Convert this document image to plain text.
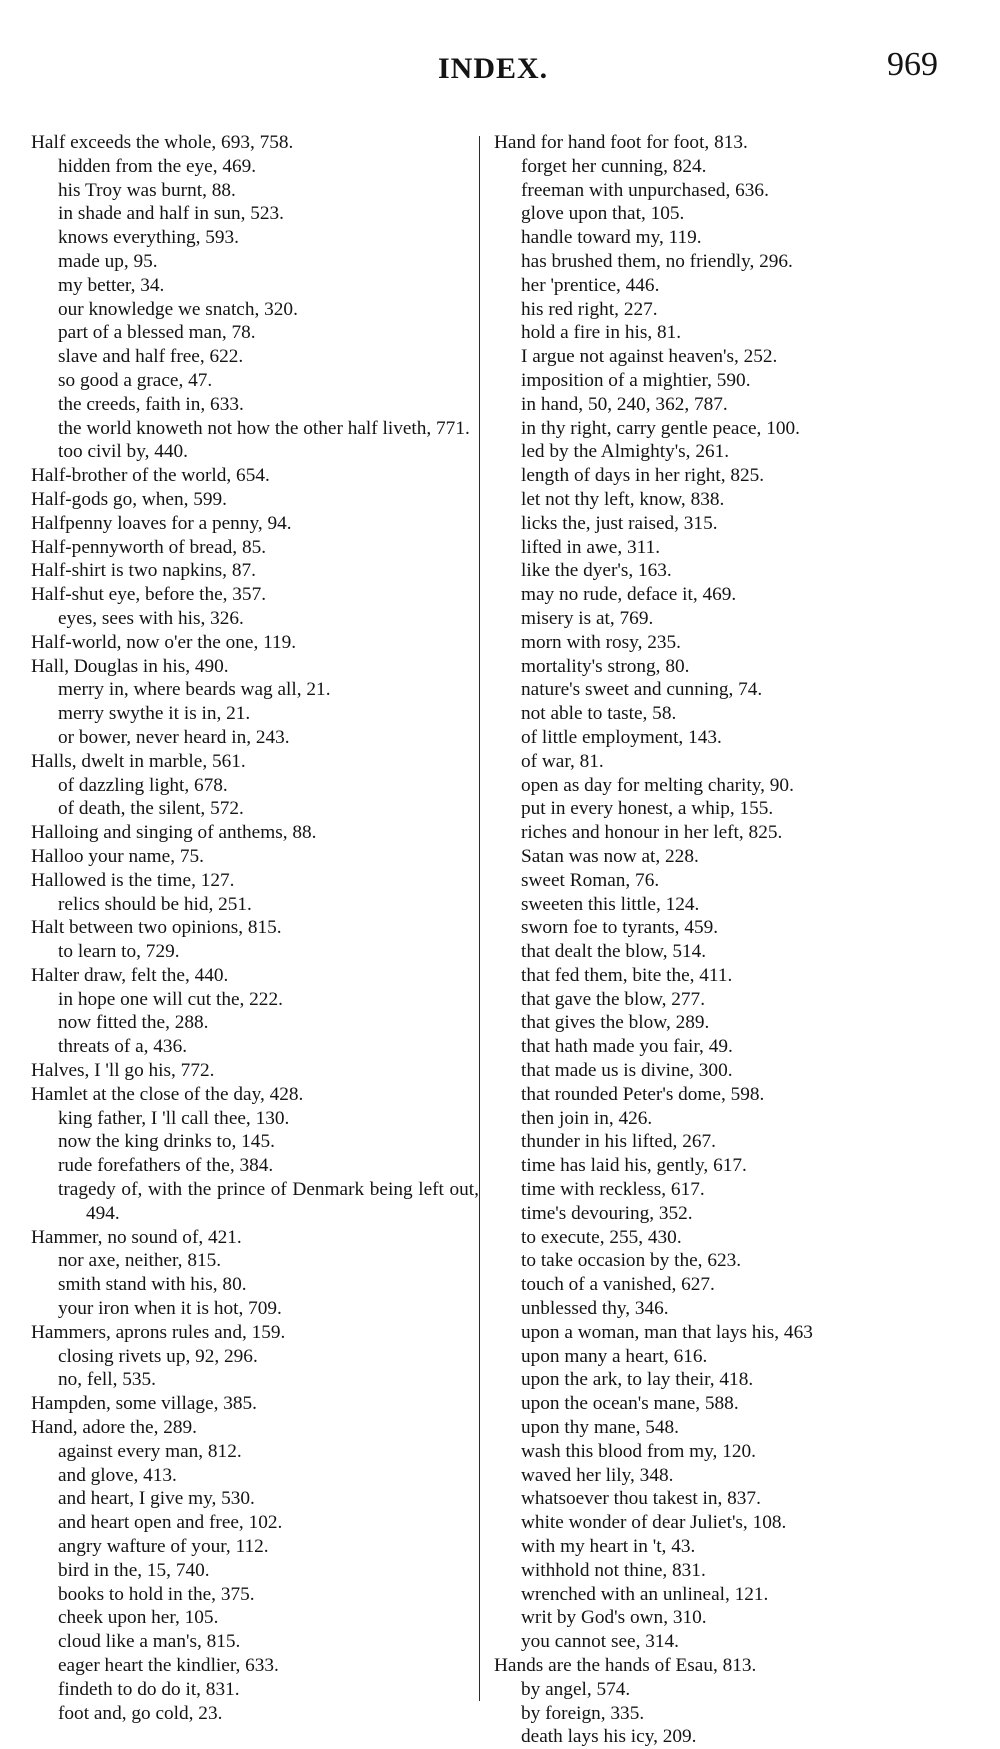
INDEX.	969
Half exceeds the whole, 693, 758.
hidden from the eye, 469.
his Troy was burnt, 88.
in shade and half in sun, 523.
knows everything, 593.
made up, 95.
my better, 34.
our knowledge we snatch, 320.
part of a blessed man, 78.
slave and half free, 622.
so good a grace, 47.
the creeds, faith in, 633.
the world knoweth not how the other half liveth, 771.
too civil by, 440.
Half-brother of the world, 654.
Half-gods go, when, 599.
Halfpenny loaves for a penny, 94.
Half-pennyworth of bread, 85.
Half-shirt is two napkins, 87.
Half-shut eye, before the, 357.
eyes, sees with his, 326.
Half-world, now o'er the one, 119.
Hall, Douglas in his, 490.
merry in, where beards wag all, 21.
merry swythe it is in, 21.
or bower, never heard in, 243.
Halls, dwelt in marble, 561.
of dazzling light, 678.
of death, the silent, 572.
Halloing and singing of anthems, 88.
Halloo your name, 75.
Hallowed is the time, 127.
relics should be hid, 251.
Halt between two opinions, 815.
to learn to, 729.
Halter draw, felt the, 440.
in hope one will cut the, 222.
now fitted the, 288.
threats of a, 436.
Halves, I 'll go his, 772.
Hamlet at the close of the day, 428.
king father, I 'll call thee, 130.
now the king drinks to, 145.
rude forefathers of the, 384.
tragedy of, with the prince of Denmark being left out, 494.
Hammer, no sound of, 421.
nor axe, neither, 815.
smith stand with his, 80.
your iron when it is hot, 709.
Hammers, aprons rules and, 159.
closing rivets up, 92, 296.
no, fell, 535.
Hampden, some village, 385.
Hand, adore the, 289.
against every man, 812.
and glove, 413.
and heart, I give my, 530.
and heart open and free, 102.
angry wafture of your, 112.
bird in the, 15, 740.
books to hold in the, 375.
cheek upon her, 105.
cloud like a man's, 815.
eager heart the kindlier, 633.
findeth to do do it, 831.
foot and, go cold, 23.
Hand for hand foot for foot, 813.
forget her cunning, 824.
freeman with unpurchased, 636.
glove upon that, 105.
handle toward my, 119.
has brushed them, no friendly, 296.
her 'prentice, 446.
his red right, 227.
hold a fire in his, 81.
I argue not against heaven's, 252.
imposition of a mightier, 590.
in hand, 50, 240, 362, 787.
in thy right, carry gentle peace, 100.
led by the Almighty's, 261.
length of days in her right, 825.
let not thy left, know, 838.
licks the, just raised, 315.
lifted in awe, 311.
like the dyer's, 163.
may no rude, deface it, 469.
misery is at, 769.
morn with rosy, 235.
mortality's strong, 80.
nature's sweet and cunning, 74.
not able to taste, 58.
of little employment, 143.
of war, 81.
open as day for melting charity, 90.
put in every honest, a whip, 155.
riches and honour in her left, 825.
Satan was now at, 228.
sweet Roman, 76.
sweeten this little, 124.
sworn foe to tyrants, 459.
that dealt the blow, 514.
that fed them, bite the, 411.
that gave the blow, 277.
that gives the blow, 289.
that hath made you fair, 49.
that made us is divine, 300.
that rounded Peter's dome, 598.
then join in, 426.
thunder in his lifted, 267.
time has laid his, gently, 617.
time with reckless, 617.
time's devouring, 352.
to execute, 255, 430.
to take occasion by the, 623.
touch of a vanished, 627.
unblessed thy, 346.
upon a woman, man that lays his, 463
upon many a heart, 616.
upon the ark, to lay their, 418.
upon the ocean's mane, 588.
upon thy mane, 548.
wash this blood from my, 120.
waved her lily, 348.
whatsoever thou takest in, 837.
white wonder of dear Juliet's, 108.
with my heart in 't, 43.
withhold not thine, 831.
wrenched with an unlineal, 121.
writ by God's own, 310.
you cannot see, 314.
Hands are the hands of Esau, 813.
by angel, 574.
by foreign, 335.
death lays his icy, 209.
